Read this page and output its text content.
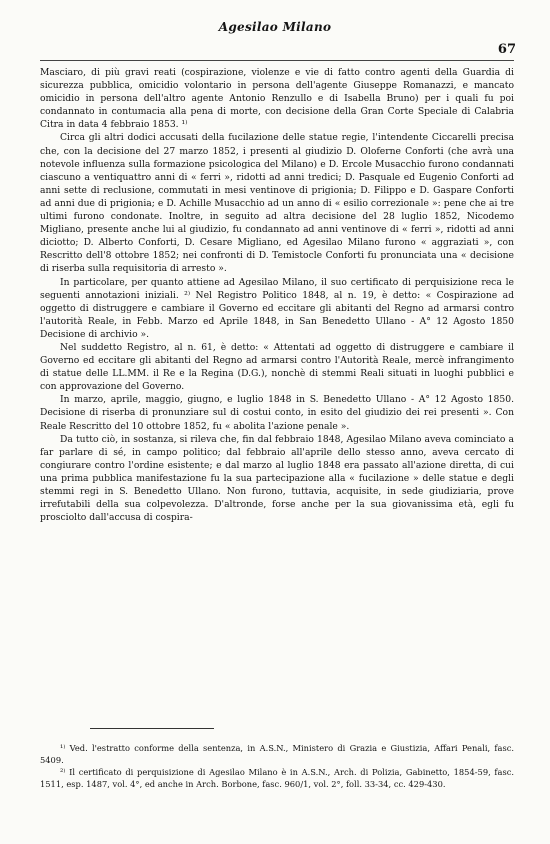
Agesilao Milano
67

Masciaro, di più gravi reati (cospirazione, violenze e vie di fatto contro agenti della Guardia di sicurezza pubblica, omicidio volontario in persona dell'agente Giuseppe Romanazzi, e mancato omicidio in persona dell'altro agente Antonio Renzullo e di Isabella Bruno) per i quali fu poi condannato in contumacia alla pena di morte, con decisione della Gran Corte Speciale di Calabria Citra in data 4 febbraio 1853. ¹⁾

Circa gli altri dodici accusati della fucilazione delle statue regie, l'intendente Ciccarelli precisa che, con la decisione del 27 marzo 1852, i presenti al giudizio D. Oloferne Conforti (che avrà una notevole influenza sulla formazione psicologica del Milano) e D. Ercole Musacchio furono condannati ciascuno a ventiquattro anni di « ferri », ridotti ad anni tredici; D. Pasquale ed Eugenio Conforti ad anni sette di reclusione, commutati in mesi ventinove di prigionia; D. Filippo e D. Gaspare Conforti ad anni due di prigionia; e D. Achille Musacchio ad un anno di « esilio correzionale »: pene che ai tre ultimi furono condonate. Inoltre, in seguito ad altra decisione del 28 luglio 1852, Nicodemo Migliano, presente anche lui al giudizio, fu condannato ad anni ventinove di « ferri », ridotti ad anni diciotto; D. Alberto Conforti, D. Cesare Migliano, ed Agesilao Milano furono « aggraziati », con Rescritto dell'8 ottobre 1852; nei confronti di D. Temistocle Conforti fu pronunciata una « decisione di riserba sulla requisitoria di arresto ».

In particolare, per quanto attiene ad Agesilao Milano, il suo certificato di perquisizione reca le seguenti annotazioni iniziali. ²⁾ Nel Registro Politico 1848, al n. 19, è detto: « Cospirazione ad oggetto di distruggere e cambiare il Governo ed eccitare gli abitanti del Regno ad armarsi contro l'autorità Reale, in Febb. Marzo ed Aprile 1848, in San Benedetto Ullano - A° 12 Agosto 1850 Decisione di archivio ».

Nel suddetto Registro, al n. 61, è detto: « Attentati ad oggetto di distruggere e cambiare il Governo ed eccitare gli abitanti del Regno ad armarsi contro l'Autorità Reale, mercè infrangimento di statue delle LL.MM. il Re e la Regina (D.G.), nonchè di stemmi Reali situati in luoghi pubblici e con approvazione del Governo.

In marzo, aprile, maggio, giugno, e luglio 1848 in S. Benedetto Ullano - A° 12 Agosto 1850. Decisione di riserba di pronunziare sul di costui conto, in esito del giudizio dei rei presenti ». Con Reale Rescritto del 10 ottobre 1852, fu « abolita l'azione penale ».

Da tutto ciò, in sostanza, si rileva che, fin dal febbraio 1848, Agesilao Milano aveva cominciato a far parlare di sé, in campo politico; dal febbraio all'aprile dello stesso anno, aveva cercato di congiurare contro l'ordine esistente; e dal marzo al luglio 1848 era passato all'azione diretta, di cui una prima pubblica manifestazione fu la sua partecipazione alla « fucilazione » delle statue e degli stemmi regi in S. Benedetto Ullano. Non furono, tuttavia, acquisite, in sede giudiziaria, prove irrefutabili della sua colpevolezza. D'altronde, forse anche per la sua giovanissima età, egli fu prosciolto dall'accusa di cospira-

¹⁾ Ved. l'estratto conforme della sentenza, in A.S.N., Ministero di Grazia e Giustizia, Affari Penali, fasc. 5409.

²⁾ Il certificato di perquisizione di Agesilao Milano è in A.S.N., Arch. di Polizia, Gabinetto, 1854-59, fasc. 1511, esp. 1487, vol. 4°, ed anche in Arch. Borbone, fasc. 960/1, vol. 2°, foll. 33-34, cc. 429-430.
